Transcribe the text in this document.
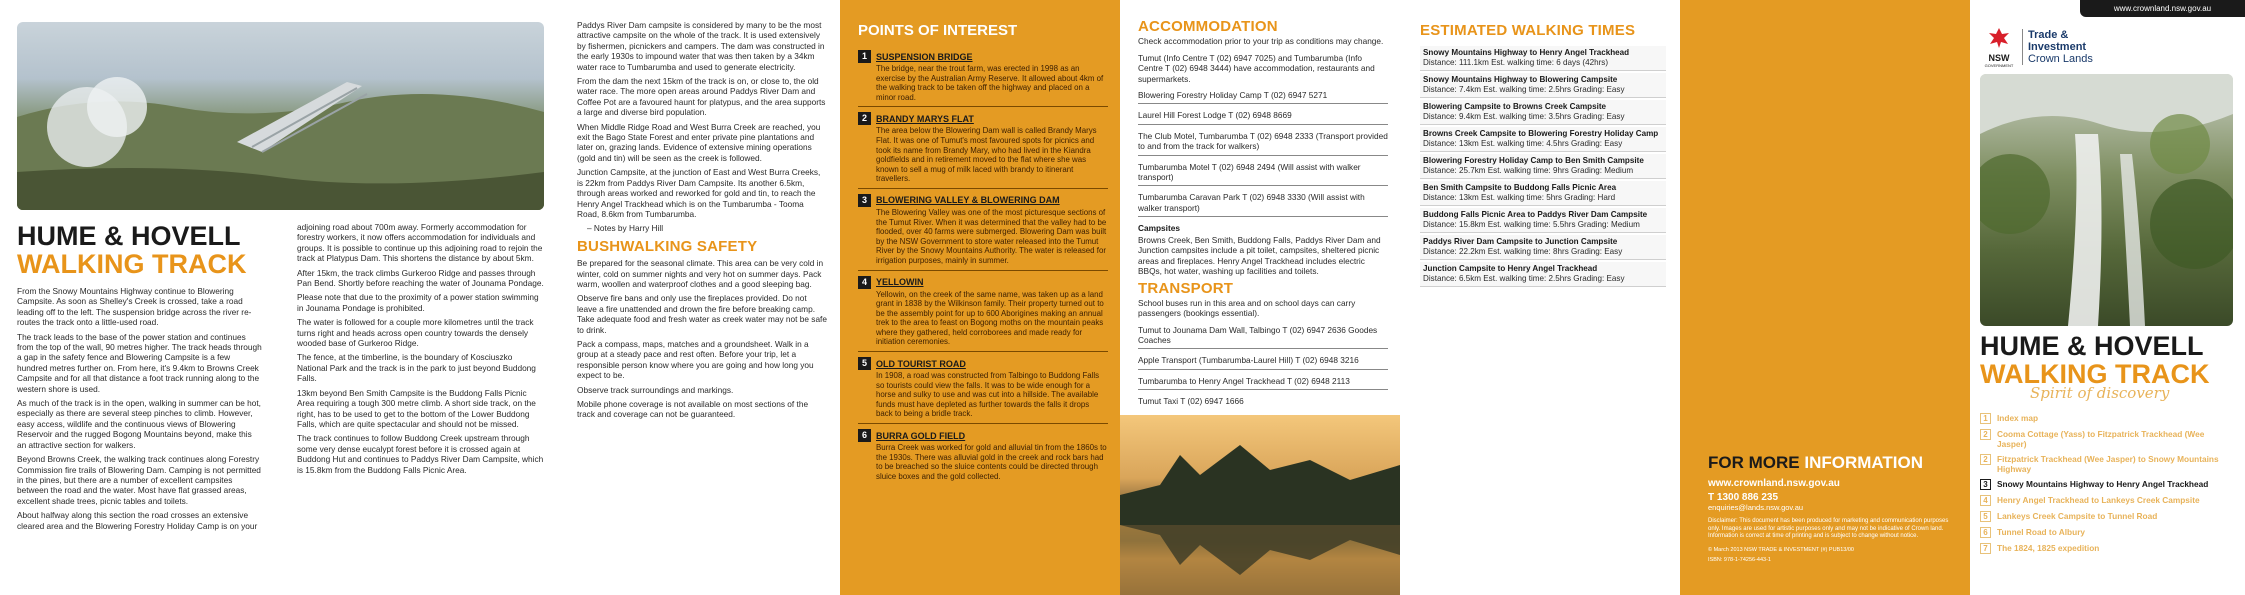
HUME & HOVELL
WALKING TRACK

From the Snowy Mountains Highway continue to Blowering Campsite. As soon as Shelley's Creek is crossed, take a road leading off to the left. The suspension bridge across the river re-routes the track onto a little-used road.

The track leads to the base of the power station and continues from the top of the wall, 90 metres higher. The track heads through a gap in the safety fence and Blowering Campsite is a few hundred metres further on. From here, it's 9.4km to Browns Creek Campsite and for all that distance a foot track running along to the western shore is used.

As much of the track is in the open, walking in summer can be hot, especially as there are several steep pinches to climb. However, easy access, wildlife and the continuous views of Blowering Reservoir and the rugged Bogong Mountains beyond, make this an attractive section for walkers.

Beyond Browns Creek, the walking track continues along Forestry Commission fire trails of Blowering Dam. Camping is not permitted in the pines, but there are a number of excellent campsites between the road and the water. Most have flat grassed areas, excellent shade trees, picnic tables and toilets.

About halfway along this section the road crosses an extensive cleared area and the Blowering Forestry Holiday Camp is on your

adjoining road about 700m away. Formerly accommodation for forestry workers, it now offers accommodation for individuals and groups. It is possible to continue up this adjoining road to rejoin the track at Platypus Dam. This shortens the distance by about 5km.

After 15km, the track climbs Gurkeroo Ridge and passes through Pan Bend. Shortly before reaching the water of Jounama Pondage.

Please note that due to the proximity of a power station swimming in Jounama Pondage is prohibited.

The water is followed for a couple more kilometres until the track turns right and heads across open country towards the densely wooded base of Gurkeroo Ridge.

The fence, at the timberline, is the boundary of Kosciuszko National Park and the track is in the park to just beyond Buddong Falls.

13km beyond Ben Smith Campsite is the Buddong Falls Picnic Area requiring a tough 300 metre climb. A short side track, on the right, has to be used to get to the bottom of the Lower Buddong Falls, which are quite spectacular and should not be missed.

The track continues to follow Buddong Creek upstream through some very dense eucalypt forest before it is crossed again at Buddong Hut and continues to Paddys River Dam Campsite, which is 15.8km from the Buddong Falls Picnic Area.

Paddys River Dam campsite is considered by many to be the most attractive campsite on the whole of the track. It is used extensively by fishermen, picnickers and campers. The dam was constructed in the early 1930s to impound water that was then taken by a 34km water race to Tumbarumba and used to generate electricity.

From the dam the next 15km of the track is on, or close to, the old water race. The more open areas around Paddys River Dam and Coffee Pot are a favoured haunt for platypus, and the area supports a large and diverse bird population.

When Middle Ridge Road and West Burra Creek are reached, you exit the Bago State Forest and enter private pine plantations and later on, grazing lands. Evidence of extensive mining operations (gold and tin) will be seen as the creek is followed.

Junction Campsite, at the junction of East and West Burra Creeks, is 22km from Paddys River Dam Campsite. Its another 6.5km, through areas worked and reworked for gold and tin, to reach the Henry Angel Trackhead which is on the Tumbarumba - Tooma Road, 8.6km from Tumbarumba.

– Notes by Harry Hill

BUSHWALKING SAFETY

Be prepared for the seasonal climate. This area can be very cold in winter, cold on summer nights and very hot on summer days. Pack warm, woollen and waterproof clothes and a good sleeping bag.

Observe fire bans and only use the fireplaces provided. Do not leave a fire unattended and drown the fire before breaking camp. Take adequate food and fresh water as creek water may not be safe to drink.

Pack a compass, maps, matches and a groundsheet. Walk in a group at a steady pace and rest often. Before your trip, let a responsible person know where you are going and how long you expect to be.

Observe track surroundings and markings.

Mobile phone coverage is not available on most sections of the track and coverage can not be guaranteed.

POINTS OF INTEREST
1	SUSPENSION BRIDGE
The bridge, near the trout farm, was erected in 1998 as an exercise by the Australian Army Reserve. It allowed about 4km of the walking track to be taken off the highway and placed on a minor road.
2	BRANDY MARYS FLAT
The area below the Blowering Dam wall is called Brandy Marys Flat. It was one of Tumut's most favoured spots for picnics and took its name from Brandy Mary, who had lived in the Kiandra goldfields and in retirement moved to the flat where she was known to sell a mug of milk laced with brandy to itinerant travellers.
3	BLOWERING VALLEY & BLOWERING DAM
The Blowering Valley was one of the most picturesque sections of the Tumut River. When it was determined that the valley had to be flooded, over 40 farms were submerged. Blowering Dam was built by the NSW Government to store water released into the Tumut River by the Snowy Mountains Authority. The water is released for irrigation purposes, mainly in summer.
4	YELLOWIN
Yellowin, on the creek of the same name, was taken up as a land grant in 1838 by the Wilkinson family. Their property turned out to be the assembly point for up to 600 Aborigines making an annual trek to the area to feast on Bogong moths on the mountain peaks where they gathered, held corroborees and made ready for initiation ceremonies.
5	OLD TOURIST ROAD
In 1908, a road was constructed from Talbingo to Buddong Falls so tourists could view the falls. It was to be wide enough for a horse and sulky to use and was cut into a hillside. The available funds must have depleted as further towards the falls it drops back to being a bridle track.
6	BURRA GOLD FIELD
Burra Creek was worked for gold and alluvial tin from the 1860s to the 1930s. There was alluvial gold in the creek and rock bars had to be breached so the sluice contents could be directed through sluice boxes and the gold collected.
ACCOMMODATION

Check accommodation prior to your trip as conditions may change.

Tumut (Info Centre T (02) 6947 7025) and Tumbarumba (Info Centre T (02) 6948 3444) have accommodation, restaurants and supermarkets.

Blowering Forestry Holiday Camp T (02) 6947 5271

Laurel Hill Forest Lodge T (02) 6948 8669

The Club Motel, Tumbarumba T (02) 6948 2333 (Transport provided to and from the track for walkers)

Tumbarumba Motel T (02) 6948 2494 (Will assist with walker transport)

Tumbarumba Caravan Park T (02) 6948 3330 (Will assist with walker transport)

Campsites

Browns Creek, Ben Smith, Buddong Falls, Paddys River Dam and Junction campsites include a pit toilet, campsites, sheltered picnic areas and fireplaces. Henry Angel Trackhead includes electric BBQs, hot water, washing up facilities and toilets.

TRANSPORT

School buses run in this area and on school days can carry passengers (bookings essential).

Tumut to Jounama Dam Wall, Talbingo T (02) 6947 2636 Goodes Coaches

Apple Transport (Tumbarumba-Laurel Hill) T (02) 6948 3216

Tumbarumba to Henry Angel Trackhead T (02) 6948 2113

Tumut Taxi T (02) 6947 1666

ESTIMATED WALKING TIMES
Snowy Mountains Highway to Henry Angel Trackhead
Distance: 111.1km Est. walking time: 6 days (42hrs)
Snowy Mountains Highway to Blowering Campsite
Distance: 7.4km Est. walking time: 2.5hrs Grading: Easy
Blowering Campsite to Browns Creek Campsite
Distance: 9.4km Est. walking time: 3.5hrs Grading: Easy
Browns Creek Campsite to Blowering Forestry Holiday Camp
Distance: 13km Est. walking time: 4.5hrs Grading: Easy
Blowering Forestry Holiday Camp to Ben Smith Campsite
Distance: 25.7km Est. walking time: 9hrs Grading: Medium
Ben Smith Campsite to Buddong Falls Picnic Area
Distance: 13km Est. walking time: 5hrs Grading: Hard
Buddong Falls Picnic Area to Paddys River Dam Campsite
Distance: 15.8km Est. walking time: 5.5hrs Grading: Medium
Paddys River Dam Campsite to Junction Campsite
Distance: 22.2km Est. walking time: 8hrs Grading: Easy
Junction Campsite to Henry Angel Trackhead
Distance: 6.5km Est. walking time: 2.5hrs Grading: Easy
FOR MORE INFORMATION
www.crownland.nsw.gov.au
T 1300 886 235
enquiries@lands.nsw.gov.au
Disclaimer: This document has been produced for marketing and communication purposes only. Images are used for artistic purposes only and may not be indicative of Crown land. Information is correct at time of printing and is subject to change without notice.
© March 2013 NSW TRADE & INVESTMENT (#) PUB13/00
ISBN: 978-1-74256-443-1
www.crownland.nsw.gov.au
NSW
GOVERNMENT
Trade &
Investment
Crown Lands
HUME & HOVELL
WALKING TRACK
Spirit of discovery
1	Index map
2	Cooma Cottage (Yass) to Fitzpatrick Trackhead (Wee Jasper)
2	Fitzpatrick Trackhead (Wee Jasper) to Snowy Mountains Highway
3	Snowy Mountains Highway to Henry Angel Trackhead
4	Henry Angel Trackhead to Lankeys Creek Campsite
5	Lankeys Creek Campsite to Tunnel Road
6	Tunnel Road to Albury
7	The 1824, 1825 expedition
